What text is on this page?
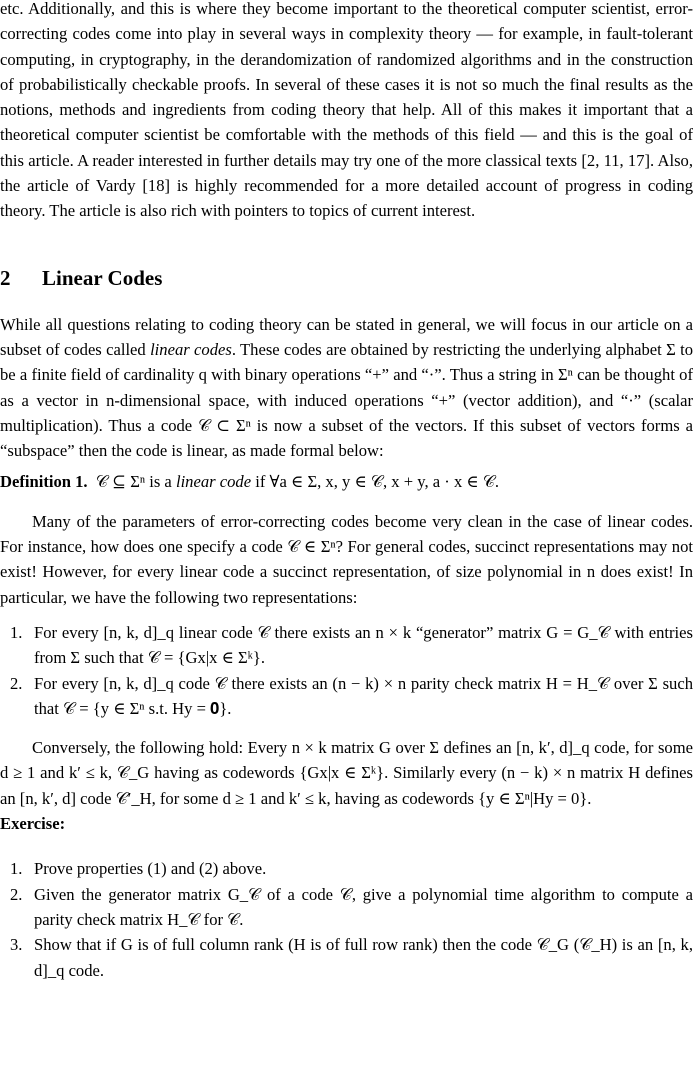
etc. Additionally, and this is where they become important to the theoretical computer scientist, error-correcting codes come into play in several ways in complexity theory — for example, in fault-tolerant computing, in cryptography, in the derandomization of randomized algorithms and in the construction of probabilistically checkable proofs. In several of these cases it is not so much the final results as the notions, methods and ingredients from coding theory that help. All of this makes it important that a theoretical computer scientist be comfortable with the methods of this field — and this is the goal of this article. A reader interested in further details may try one of the more classical texts [2, 11, 17]. Also, the article of Vardy [18] is highly recommended for a more detailed account of progress in coding theory. The article is also rich with pointers to topics of current interest.

2 Linear Codes

While all questions relating to coding theory can be stated in general, we will focus in our article on a subset of codes called linear codes. These codes are obtained by restricting the underlying alphabet Σ to be a finite field of cardinality q with binary operations “+” and “·”. Thus a string in Σⁿ can be thought of as a vector in n-dimensional space, with induced operations “+” (vector addition), and “·” (scalar multiplication). Thus a code 𝒞 ⊂ Σⁿ is now a subset of the vectors. If this subset of vectors forms a “subspace” then the code is linear, as made formal below:

Definition 1. 𝒞 ⊆ Σⁿ is a linear code if ∀a ∈ Σ, x, y ∈ 𝒞, x + y, a · x ∈ 𝒞.

Many of the parameters of error-correcting codes become very clean in the case of linear codes. For instance, how does one specify a code 𝒞 ∈ Σⁿ? For general codes, succinct representations may not exist! However, for every linear code a succinct representation, of size polynomial in n does exist! In particular, we have the following two representations:

1. For every [n, k, d]_q linear code 𝒞 there exists an n × k “generator” matrix G = G_𝒞 with entries from Σ such that 𝒞 = {Gx|x ∈ Σᵏ}.
2. For every [n, k, d]_q code 𝒞 there exists an (n − k) × n parity check matrix H = H_𝒞 over Σ such that 𝒞 = {y ∈ Σⁿ s.t. Hy = 𝟎}.

Conversely, the following hold: Every n × k matrix G over Σ defines an [n, k′, d]_q code, for some d ≥ 1 and k′ ≤ k, 𝒞_G having as codewords {Gx|x ∈ Σᵏ}. Similarly every (n − k) × n matrix H defines an [n, k′, d] code 𝒞′_H, for some d ≥ 1 and k′ ≤ k, having as codewords {y ∈ Σⁿ|Hy = 0}.

Exercise:

1. Prove properties (1) and (2) above.
2. Given the generator matrix G_𝒞 of a code 𝒞, give a polynomial time algorithm to compute a parity check matrix H_𝒞 for 𝒞.
3. Show that if G is of full column rank (H is of full row rank) then the code 𝒞_G (𝒞_H) is an [n, k, d]_q code.
